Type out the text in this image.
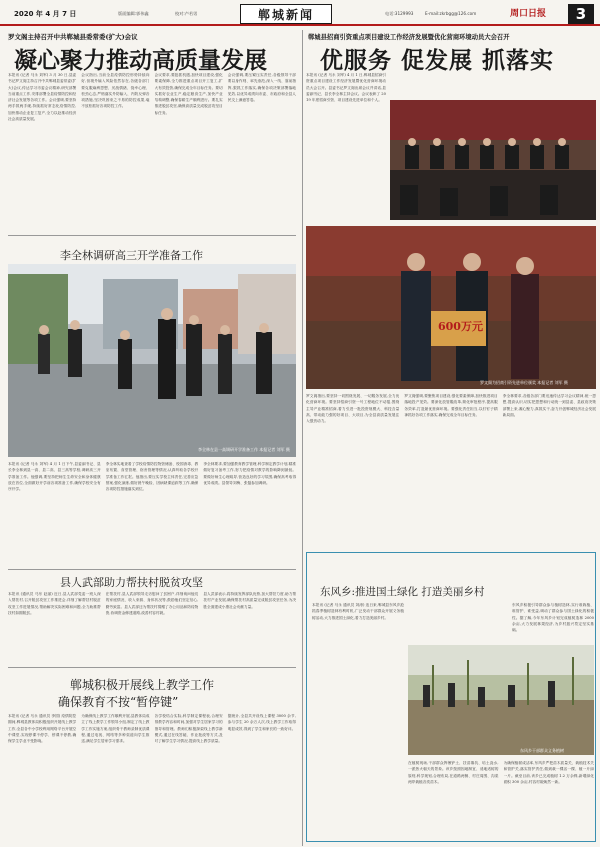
2020 年 4 月 7 日	版面编辑:郭伟鑫	校对:卢若男	郸城新闻	电话:3129993	E-mail:zkrbgg@126.com	周口日报	3
罗文阁主持召开中共郸城县委常委(扩大)会议
凝心聚力推动高质量发展
本报讯 (记者 马永 刘军) 3 月 30 日,县委书记罗文阁主持召开中共郸城县委常委(扩大)会议,传达学习市委会议精神,研究部署当前重点工作,安排部署全县疫情防控和经济社会发展等各项工作。会议强调,要坚持两手抓两手硬,持续抓好常态化疫情防控,加快推动企业复工复产,全力以赴推动经济社会高质量发展。
会议指出,当前全县疫情防控形势持续向好,但境外输入风险依然存在,各级各部门要克服麻痹思想、厌战情绪、侥幸心理、松劲心态,严格落实外防输入、内防反弹各项措施,坚决巩固来之不易的防控成果,毫不放松抓好各项防控工作。
会议要求,要抢抓机遇,加快项目建设,强化要素保障,全力推进重点项目开工复工,扩大有效投资,确保完成全年目标任务。要切实抓好农业生产,稳定粮食生产,加快产业结构调整,确保春耕生产顺利进行。要扎实推进脱贫攻坚,确保高质量完成脱贫攻坚目标任务。
会议强调,要压紧压实责任,各级领导干部要以身作则、率先垂范,深入一线、靠前指挥,狠抓工作落实,确保各项决策部署落地见效,以优异成绩向市委、市政府和全县人民交上满意答卷。
李全林调研高三开学准备工作
李全林在县一高调研开学准备工作 本报记者 刘军 摄
本报讯 (记者 马永 刘军) 4 月 1 日下午,县委副书记、县长李全林到县一高、县二高、县三高等学校,调研高三开学准备工作。他强调,要坚持把师生生命安全和身体健康放在首位,全面做好开学前各项准备工作,确保学校安全有序开学。
李全林实地查看了学校疫情防控物资储备、校园消毒、教室布置、食堂管理、宿舍管理等情况,认真听取各学校开学准备工作汇报。他指出,要压实学校主体责任,完善应急预案,强化演练,做好晨午晚检、因病缺课追踪等工作,确保各项防控措施落实到位。
李全林要求,要加强教育教学管理,科学制定教学计划,精准做好复习备考工作,努力把疫情对教学的影响降到最低。要做好师生心理疏导,营造良好的学习氛围,确保高考取得优异成绩。县领导刘梅、张磊参加调研。
县人武部助力帮扶村脱贫攻坚
本报讯 (通讯员 马东 赵丽) 近日,县人武部党委一班人深入帮扶村,召开脱贫攻坚工作推进会,详细了解帮扶村脱贫攻坚工作进展情况,帮助解决实际困难和问题,全力助推帮扶村如期脱贫。
在帮扶村,县人武部领导走访慰问了贫困户,详细询问他们的家庭情况、收入来源、身体状况等,鼓励他们坚定信心,勤劳致富。县人武部还为帮扶村捐赠了办公用品和防疫物资,协调资金修建道路,改善村容村貌。
县人武部表示,将持续发挥部队优势,加大帮扶力度,助力帮扶村产业发展,确保帮扶村高质量完成脱贫攻坚任务,为决胜全面建成小康社会贡献力量。
郸城积极开展线上教学工作
确保教育不按“暂停键”
本报讯 (记者 马永 通讯员 李国) 疫情防控期间,郸城县教体局积极组织开展线上教学工作,全县各中小学校利用网络平台开展空中课堂,实现停课不停学、停课不停教,确保学生学业不受影响。
为确保线上教学工作顺利开展,县教体局成立了线上教学工作领导小组,制定了线上教学工作实施方案,组织骨干教师录制优质课程,通过电视、网络等多种渠道向学生推送,满足学生居家学习需求。
各学校结合实际,科学制定课程表,合理安排教学内容和时间,加强对学生居家学习的指导和管理。教师们积极探索线上教学新模式,通过在线答疑、作业批改等方式,及时了解学生学习情况,提高线上教学质量。
据统计,全县共开设线上课程 3000 余节,参与学生 20 余万人次,线上教学工作取得明显成效,得到了学生和家长的一致好评。
郸城县招商引资重点项目建设工作经济发展暨优化营商环境动员大会召开
优服务 促发展 抓落实
本报讯 (记者 马永 刘军) 4 月 1 日,郸城县招商引资重点项目建设工作经济发展暨优化营商环境动员大会召开。县委书记罗文阁出席会议并讲话,县委副书记、县长李全林主持会议。会议表彰了 2019 年度招商引资、项目建设先进单位和个人。
600万元
罗文阁为招商引资先进单位颁奖 本报记者 刘军 摄
罗文阁指出,要坚持一切围绕发展、一切服务发展,全力优化营商环境。要坚持招商引资一号工程地位不动摇,围绕主导产业精准招商,着力引进一批投资规模大、科技含量高、带动能力强的好项目、大项目,为全县高质量发展注入强劲动力。
罗文阁强调,要聚焦项目建设,强化要素保障,加快推进项目落地投产见效。要深化放管服改革,简化审批程序,提高服务效率,打造最优营商环境。要强化责任担当,以钉钉子精神抓好各项工作落实,确保完成全年目标任务。
李全林要求,各级各部门要迅速传达学习会议精神,统一思想,提高认识,切实把思想和行动统一到县委、县政府决策部署上来,凝心聚力,真抓实干,奋力开创郸城经济社会发展新局面。
东风乡:推进国土绿化 打造美丽乡村
东风乡干部群众义务植树
本报讯 (记者 马永 通讯员 刘涛) 连日来,郸城县东风乡抢抓春季植树造林有利时机,广泛发动干部群众开展义务植树活动,大力推进国土绿化,着力打造美丽乡村。
在植树现场,干部群众挥锹铲土、扶苗填坑、培土浇水,一派热火朝天的景象。该乡按照因地制宜、适地适树的原则,科学规划,合理布局,在道路两侧、村庄周围、沟渠两岸栽植各类苗木。
为确保植树成活率,东风乡严把苗木质量关、栽植技术关和管护关,落实管护责任,做到栽一棵活一棵、植一片绿一片。截至目前,该乡已完成植树 1.2 万余株,新增绿化面积 300 余亩,村容村貌焕然一新。
东风乡积极引导群众参与植树造林,实行谁栽植、谁管护、谁受益,调动了群众参与国土绿化的积极性。据了解,今年东风乡计划完成植树造林 2000 余亩,大力发展林果经济,为乡村振兴奠定坚实基础。
